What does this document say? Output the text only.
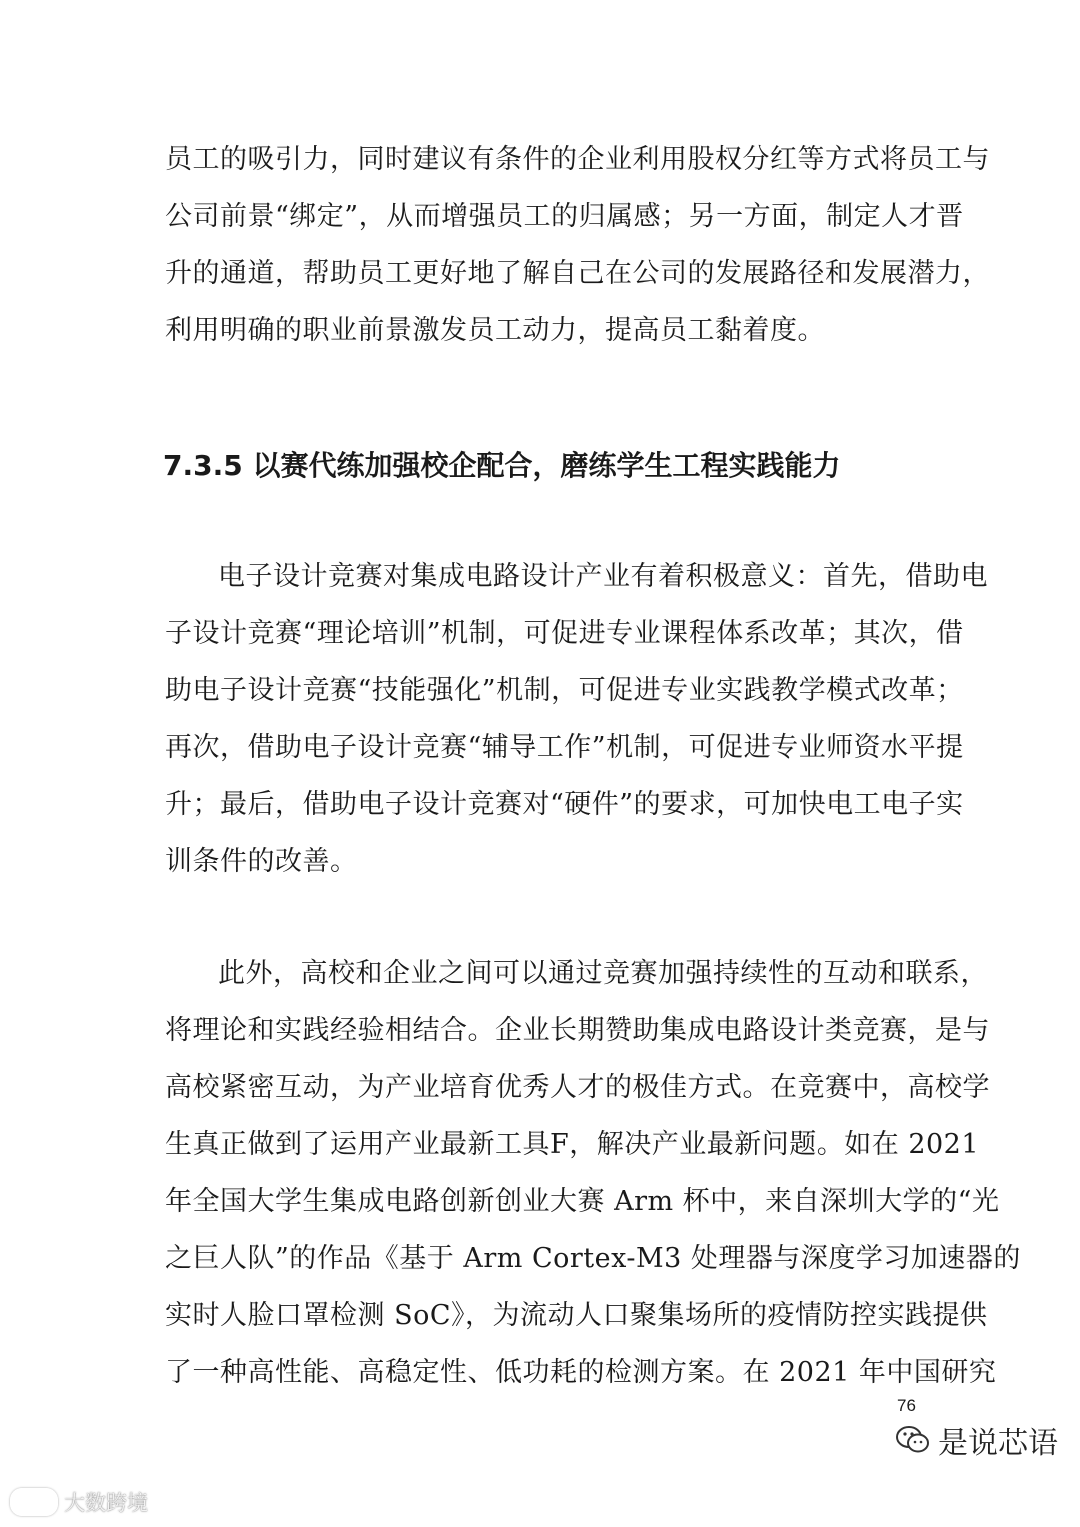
员工的吸引力，同时建议有条件的企业利用股权分红等方式将员工与
公司前景“绑定”，从而增强员工的归属感；另一方面，制定人才晋
升的通道，帮助员工更好地了解自己在公司的发展路径和发展潜力，
利用明确的职业前景激发员工动力，提高员工黏着度。
7.3.5 以赛代练加强校企配合，磨练学生工程实践能力
电子设计竞赛对集成电路设计产业有着积极意义：首先，借助电
子设计竞赛“理论培训”机制，可促进专业课程体系改革；其次，借
助电子设计竞赛“技能强化”机制，可促进专业实践教学模式改革；
再次，借助电子设计竞赛“辅导工作”机制，可促进专业师资水平提
升；最后，借助电子设计竞赛对“硬件”的要求，可加快电工电子实
训条件的改善。
此外，高校和企业之间可以通过竞赛加强持续性的互动和联系，
将理论和实践经验相结合。企业长期赞助集成电路设计类竞赛，是与
高校紧密互动，为产业培育优秀人才的极佳方式。在竞赛中，高校学
生真正做到了运用产业最新工具F，解决产业最新问题。如在 2021
年全国大学生集成电路创新创业大赛 Arm 杯中，来自深圳大学的“光
之巨人队”的作品《基于 Arm Cortex-M3 处理器与深度学习加速器的
实时人脸口罩检测 SoC》，为流动人口聚集场所的疫情防控实践提供
了一种高性能、高稳定性、低功耗的检测方案。在 2021 年中国研究
76
是说芯语
大数跨境
